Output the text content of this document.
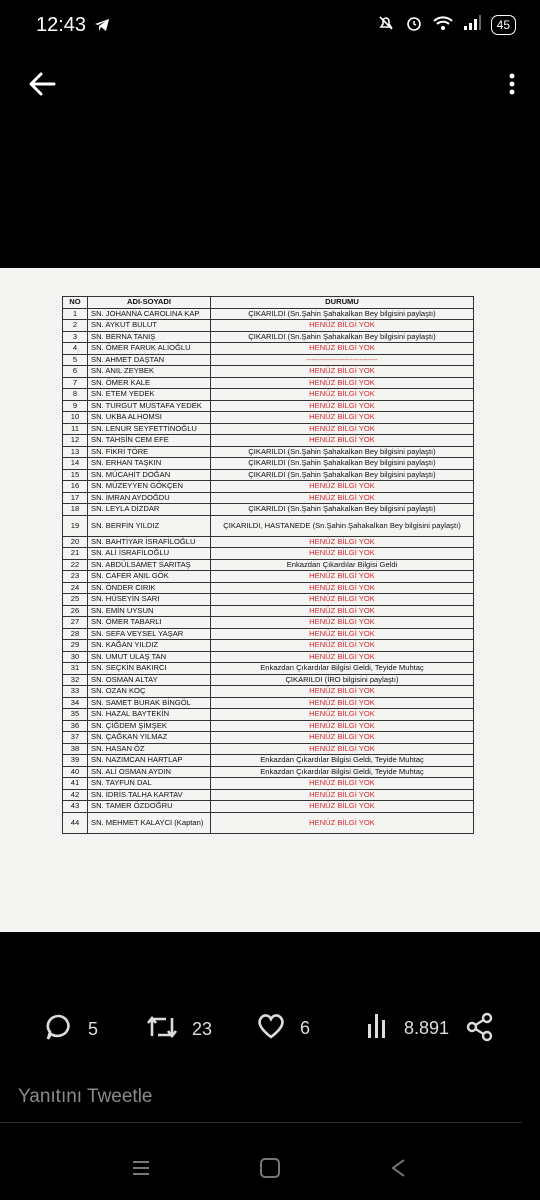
12:43	45
NO	ADI-SOYADI	DURUMU
1	SN. JOHANNA CAROLINA KAP	ÇIKARILDI (Sn.Şahin Şahakalkan Bey bilgisini paylaştı)
2	SN. AYKUT BULUT	HENÜZ BİLGİ YOK
3	SN. BERNA TANIŞ	ÇIKARILDI (Sn.Şahin Şahakalkan Bey bilgisini paylaştı)
4	SN. ÖMER FARUK ALİOĞLU	HENÜZ BİLGİ YOK
5	SN. AHMET DAŞTAN	----------------------------
6	SN. ANIL ZEYBEK	HENÜZ BİLGİ YOK
7	SN. ÖMER KALE	HENÜZ BİLGİ YOK
8	SN. ETEM YEDEK	HENÜZ BİLGİ YOK
9	SN. TURGUT MUSTAFA YEDEK	HENÜZ BİLGİ YOK
10	SN. UKBA ALHOMSI	HENÜZ BİLGİ YOK
11	SN. LENUR SEYFETTİNOĞLU	HENÜZ BİLGİ YOK
12	SN. TAHSİN CEM EFE	HENÜZ BİLGİ YOK
13	SN. FİKRİ TÖRE	ÇIKARILDI (Sn.Şahin Şahakalkan Bey bilgisini paylaştı)
14	SN. ERHAN TAŞKIN	ÇIKARILDI (Sn.Şahin Şahakalkan Bey bilgisini paylaştı)
15	SN. MÜCAHİT DOĞAN	ÇIKARILDI (Sn.Şahin Şahakalkan Bey bilgisini paylaştı)
16	SN. MÜZEYYEN GÖKÇEN	HENÜZ BİLGİ YOK
17	SN. İMRAN AYDOĞDU	HENÜZ BİLGİ YOK
18	SN. LEYLA DİZDAR	ÇIKARILDI (Sn.Şahin Şahakalkan Bey bilgisini paylaştı)
19	SN. BERFİN YILDIZ	ÇIKARILDI, HASTANEDE (Sn.Şahin Şahakalkan Bey bilgisini paylaştı)
20	SN. BAHTİYAR İSRAFİLOĞLU	HENÜZ BİLGİ YOK
21	SN. ALİ İSRAFİLOĞLU	HENÜZ BİLGİ YOK
22	SN. ABDÜLSAMET SARITAŞ	Enkazdan Çıkardılar Bilgisi Geldi
23	SN. CAFER ANIL GÖK	HENÜZ BİLGİ YOK
24	SN. ÖNDER CIRIK	HENÜZ BİLGİ YOK
25	SN. HÜSEYİN SARI	HENÜZ BİLGİ YOK
26	SN. EMİN UYSUN	HENÜZ BİLGİ YOK
27	SN. ÖMER TABARLI	HENÜZ BİLGİ YOK
28	SN. SEFA VEYSEL YAŞAR	HENÜZ BİLGİ YOK
29	SN. KAĞAN YILDIZ	HENÜZ BİLGİ YOK
30	SN. UMUT ULAŞ TAN	HENÜZ BİLGİ YOK
31	SN. SEÇKİN BAKIRCI	Enkazdan Çıkardılar Bilgisi Geldi, Teyide Muhtaç
32	SN. OSMAN ALTAY	ÇIKARILDI (İRO bilgisini paylaştı)
33	SN. OZAN KOÇ	HENÜZ BİLGİ YOK
34	SN. SAMET BURAK BİNGÖL	HENÜZ BİLGİ YOK
35	SN. HAZAL BAYTEKİN	HENÜZ BİLGİ YOK
36	SN. ÇİĞDEM ŞİMŞEK	HENÜZ BİLGİ YOK
37	SN. ÇAĞKAN YILMAZ	HENÜZ BİLGİ YOK
38	SN. HASAN ÖZ	HENÜZ BİLGİ YOK
39	SN. NAZIMCAN HARTLAP	Enkazdan Çıkardılar Bilgisi Geldi, Teyide Muhtaç
40	SN. ALİ OSMAN AYDIN	Enkazdan Çıkardılar Bilgisi Geldi, Teyide Muhtaç
41	SN. TAYFUN DAL	HENÜZ BİLGİ YOK
42	SN. İDRİS TALHA KARTAV	HENÜZ BİLGİ YOK
43	SN. TAMER ÖZDOĞRU	HENÜZ BİLGİ YOK
44	SN. MEHMET KALAYCI (Kaptan)	HENÜZ BİLGİ YOK
5	23	6	8.891
Yanıtını Tweetle
